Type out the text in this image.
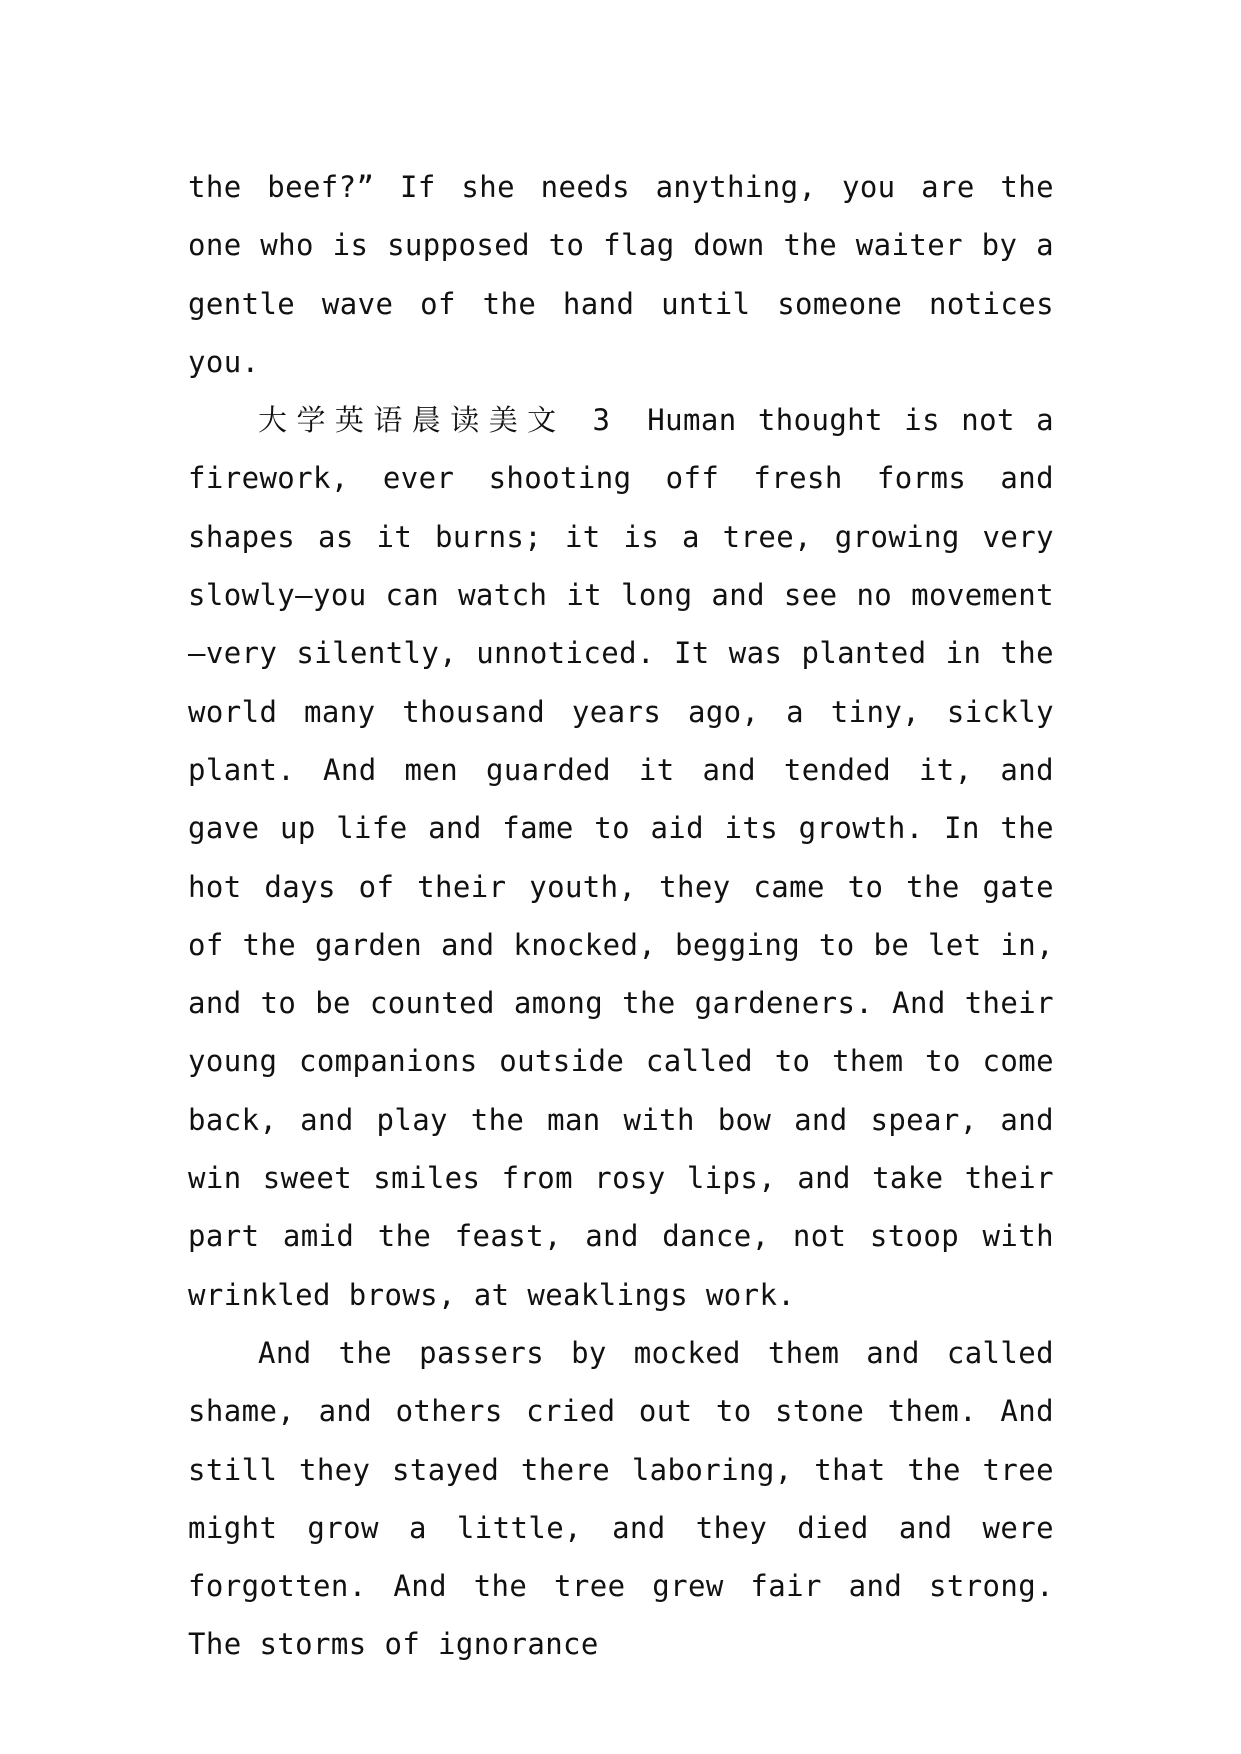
the beef?” If she needs anything, you are the one who is supposed to flag down the waiter by a gentle wave of the hand until someone notices you.

大学英语晨读美文 3 Human thought is not a firework, ever shooting off fresh forms and shapes as it burns; it is a tree, growing very slowly—you can watch it long and see no movement —very silently, unnoticed. It was planted in the world many thousand years ago, a tiny, sickly plant. And men guarded it and tended it, and gave up life and fame to aid its growth. In the hot days of their youth, they came to the gate of the garden and knocked, begging to be let in, and to be counted among the gardeners. And their young companions outside called to them to come back, and play the man with bow and spear, and win sweet smiles from rosy lips, and take their part amid the feast, and dance, not stoop with wrinkled brows, at weaklings work.

And the passers by mocked them and called shame, and others cried out to stone them. And still they stayed there laboring, that the tree might grow a little, and they died and were forgotten. And the tree grew fair and strong. The storms of ignorance
